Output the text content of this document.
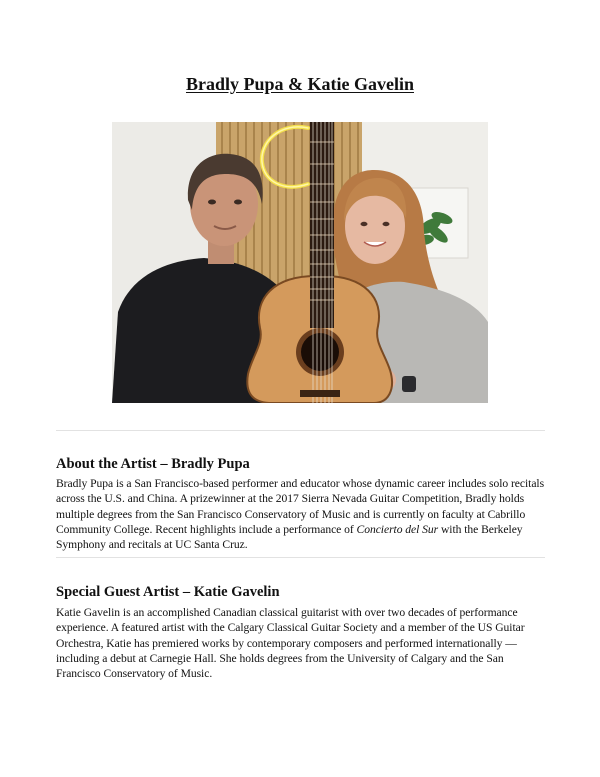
Bradly Pupa & Katie Gavelin
About the Artist – Bradly Pupa

Bradly Pupa is a San Francisco-based performer and educator whose dynamic career includes solo recitals across the U.S. and China. A prizewinner at the 2017 Sierra Nevada Guitar Competition, Bradly holds multiple degrees from the San Francisco Conservatory of Music and is currently on faculty at Cabrillo Community College. Recent highlights include a performance of Concierto del Sur with the Berkeley Symphony and recitals at UC Santa Cruz.

Special Guest Artist – Katie Gavelin

Katie Gavelin is an accomplished Canadian classical guitarist with over two decades of performance experience. A featured artist with the Calgary Classical Guitar Society and a member of the US Guitar Orchestra, Katie has premiered works by contemporary composers and performed internationally — including a debut at Carnegie Hall. She holds degrees from the University of Calgary and the San Francisco Conservatory of Music.
